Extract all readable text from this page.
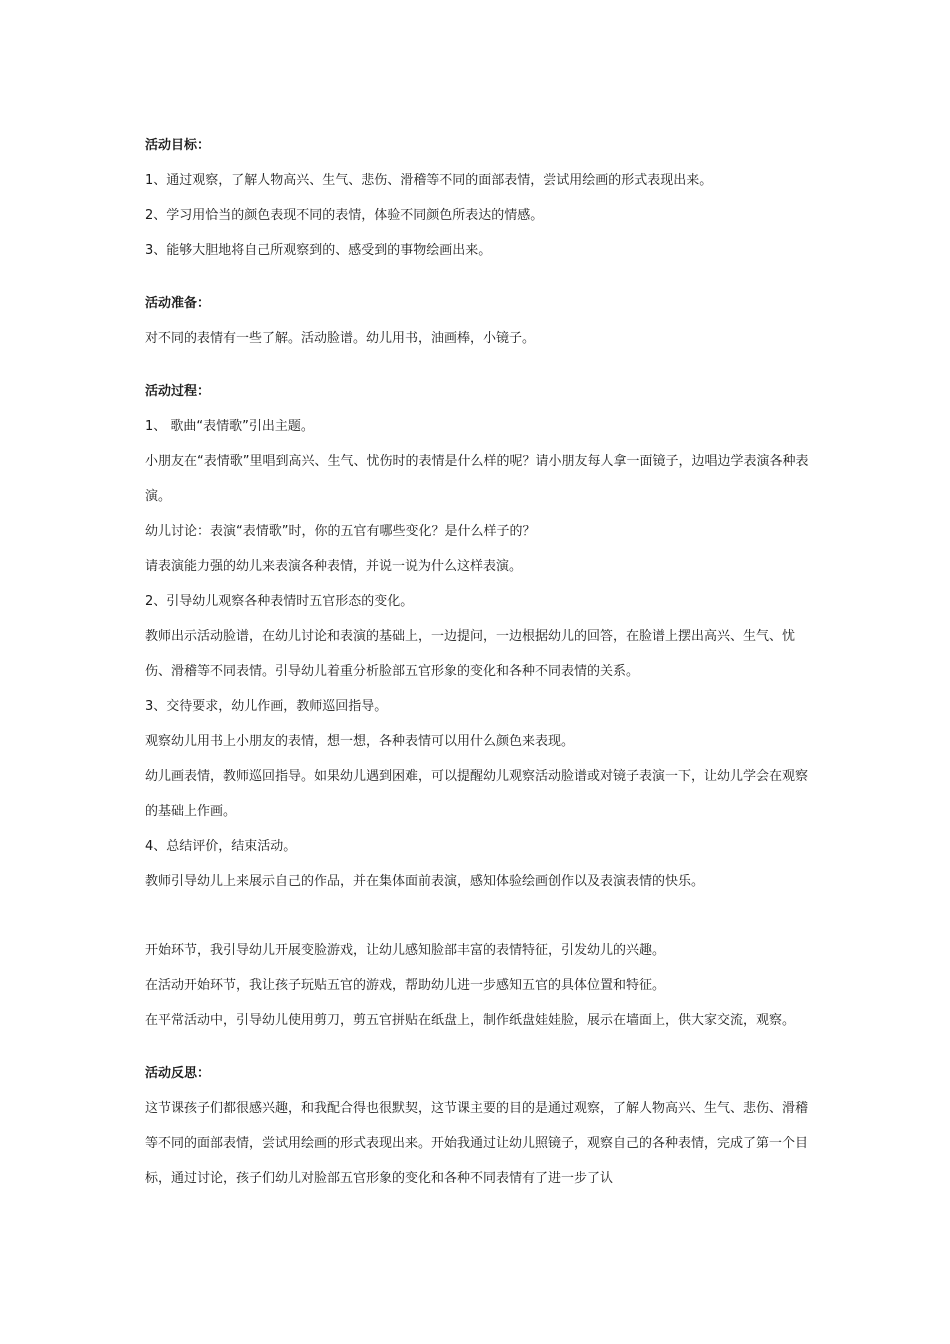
活动目标：

1、通过观察，了解人物高兴、生气、悲伤、滑稽等不同的面部表情，尝试用绘画的形式表现出来。

2、学习用恰当的颜色表现不同的表情，体验不同颜色所表达的情感。

3、能够大胆地将自己所观察到的、感受到的事物绘画出来。

活动准备：

对不同的表情有一些了解。活动脸谱。幼儿用书，油画棒，小镜子。

活动过程：

1、 歌曲“表情歌”引出主题。

小朋友在“表情歌”里唱到高兴、生气、忧伤时的表情是什么样的呢？请小朋友每人拿一面镜子，边唱边学表演各种表演。

幼儿讨论：表演“表情歌”时，你的五官有哪些变化？是什么样子的？

请表演能力强的幼儿来表演各种表情，并说一说为什么这样表演。

2、引导幼儿观察各种表情时五官形态的变化。

教师出示活动脸谱，在幼儿讨论和表演的基础上，一边提问，一边根据幼儿的回答，在脸谱上摆出高兴、生气、忧伤、滑稽等不同表情。引导幼儿着重分析脸部五官形象的变化和各种不同表情的关系。

3、交待要求，幼儿作画，教师巡回指导。

观察幼儿用书上小朋友的表情，想一想，各种表情可以用什么颜色来表现。

幼儿画表情，教师巡回指导。如果幼儿遇到困难，可以提醒幼儿观察活动脸谱或对镜子表演一下，让幼儿学会在观察的基础上作画。

4、总结评价，结束活动。

教师引导幼儿上来展示自己的作品，并在集体面前表演，感知体验绘画创作以及表演表情的快乐。

开始环节，我引导幼儿开展变脸游戏，让幼儿感知脸部丰富的表情特征，引发幼儿的兴趣。

在活动开始环节，我让孩子玩贴五官的游戏，帮助幼儿进一步感知五官的具体位置和特征。

在平常活动中，引导幼儿使用剪刀，剪五官拼贴在纸盘上，制作纸盘娃娃脸，展示在墙面上，供大家交流，观察。

活动反思：

这节课孩子们都很感兴趣，和我配合得也很默契，这节课主要的目的是通过观察，了解人物高兴、生气、悲伤、滑稽等不同的面部表情，尝试用绘画的形式表现出来。开始我通过让幼儿照镜子，观察自己的各种表情，完成了第一个目标，通过讨论，孩子们幼儿对脸部五官形象的变化和各种不同表情有了进一步了认
